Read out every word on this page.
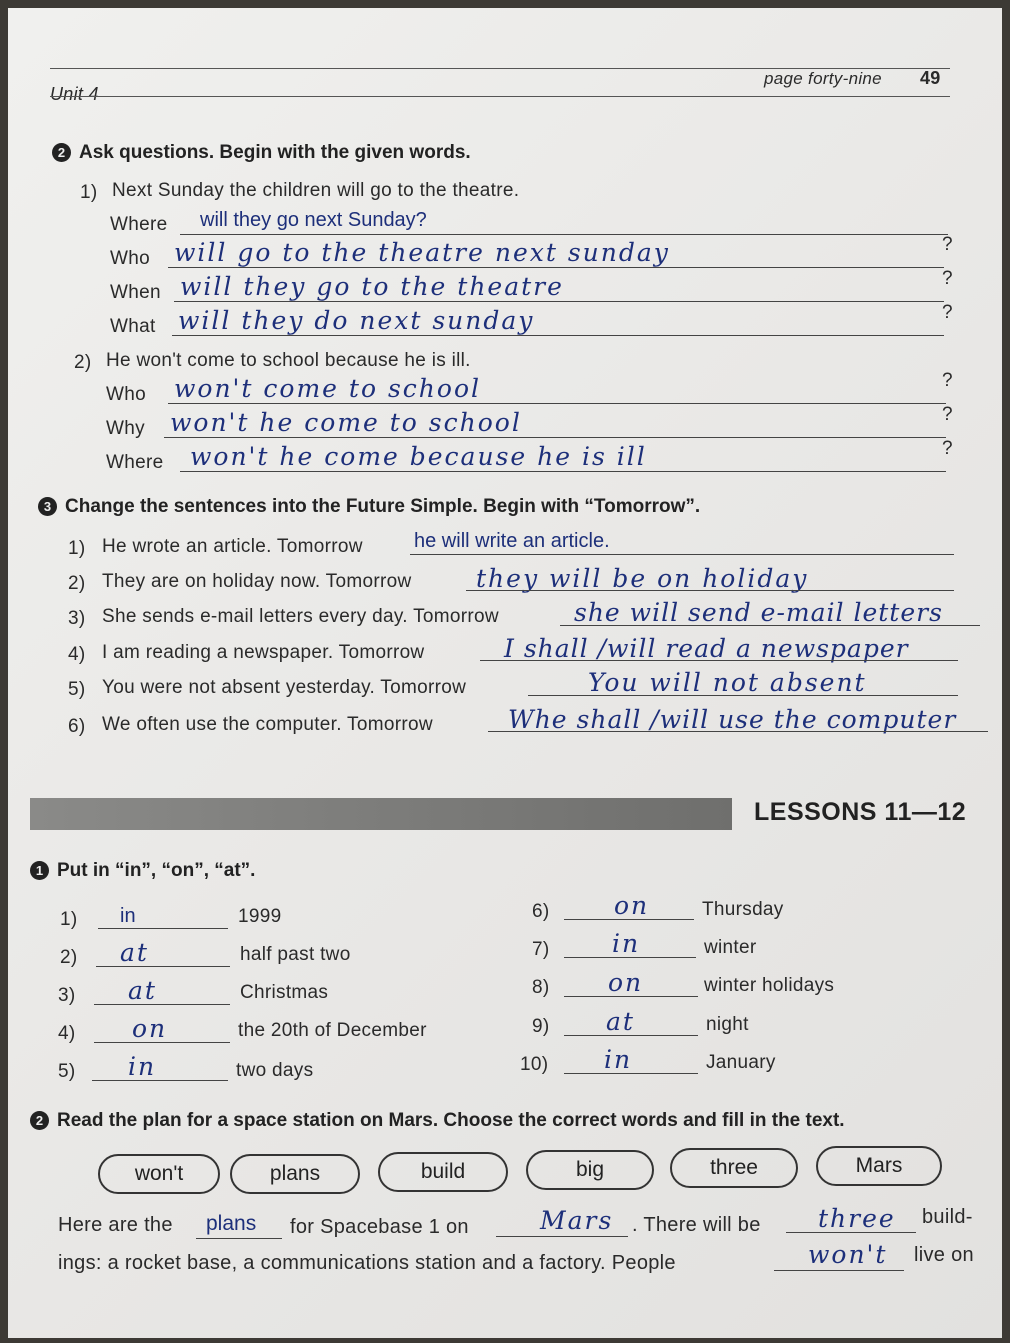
Unit 4
page forty-nine 49
2 Ask questions. Begin with the given words.
1) Next Sunday the children will go to the theatre.
Where will they go next Sunday?
Who will go to the theatre next sunday	?
When will they go to the theatre	?
What will they do next sunday	?
2) He won't come to school because he is ill.
Who won't come to school	?
Why won't he come to school	?
Where won't he come because he is ill	?
3 Change the sentences into the Future Simple. Begin with “Tomorrow”.
1) He wrote an article. Tomorrow	he will write an article.
2) They are on holiday now. Tomorrow	they will be on holiday
3) She sends e-mail letters every day. Tomorrow	she will send e-mail letters
4) I am reading a newspaper. Tomorrow	I shall /will read a newspaper
5) You were not absent yesterday. Tomorrow	You will not absent
6) We often use the computer. Tomorrow	Whe shall /will use the computer
LESSONS 11—12
1 Put in “in”, “on”, “at”.
1) in	1999
2) at	half past two
3) at	Christmas
4) on	the 20th of December
5) in	two days
6)	on	Thursday
7)	in	winter
8) on	winter holidays
9) at	night
10) in	January
2 Read the plan for a space station on Mars. Choose the correct words and fill in the text.
won't	plans	build	big	three	Mars
Here are the plans for Spacebase 1 on	Mars . There will be three build-
ings: a rocket base, a communications station and a factory. People	won't live on
